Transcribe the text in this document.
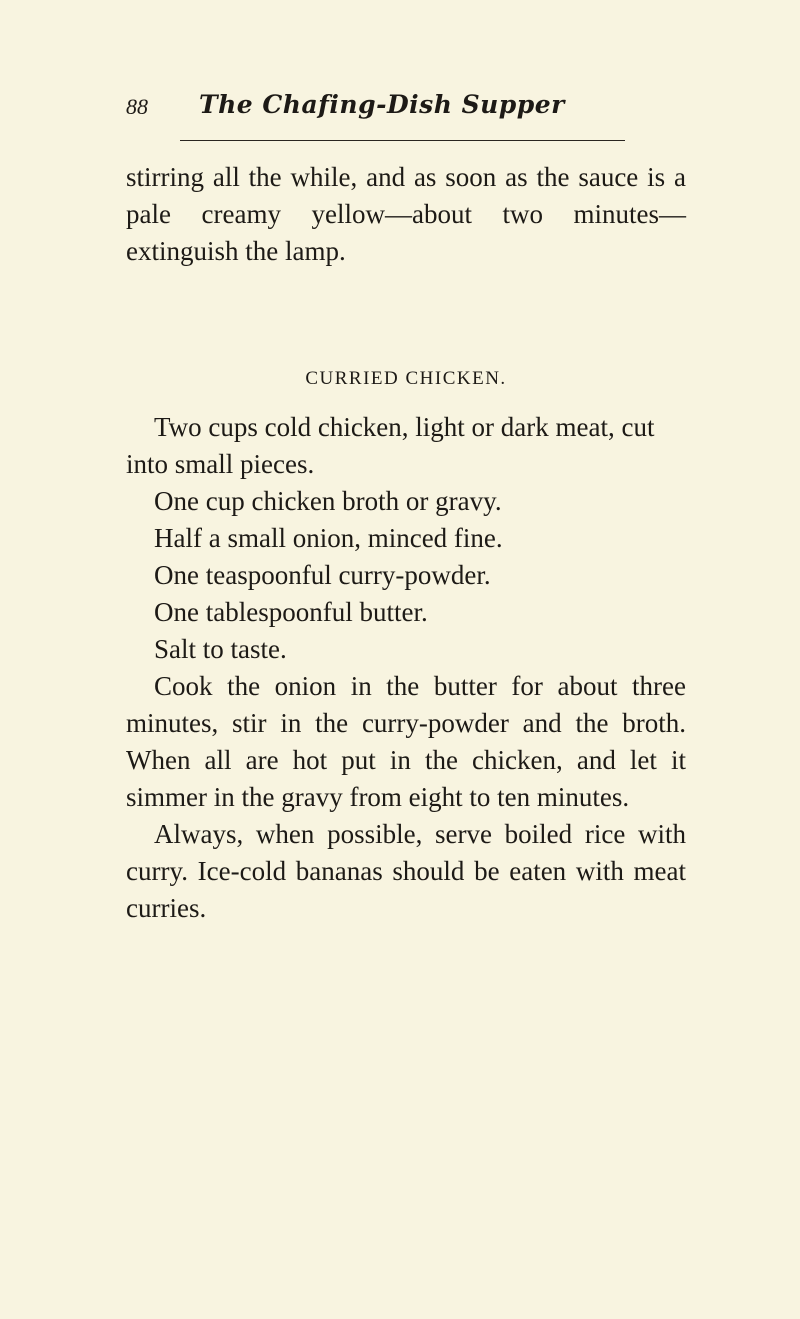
88 The Chafing-Dish Supper

stirring all the while, and as soon as the sauce is a pale creamy yellow—about two minutes—extinguish the lamp.

CURRIED CHICKEN.
Two cups cold chicken, light or dark meat, cut into small pieces.
One cup chicken broth or gravy.
Half a small onion, minced fine.
One teaspoonful curry-powder.
One tablespoonful butter.
Salt to taste.

Cook the onion in the butter for about three minutes, stir in the curry-powder and the broth. When all are hot put in the chicken, and let it simmer in the gravy from eight to ten minutes.

Always, when possible, serve boiled rice with curry. Ice-cold bananas should be eaten with meat curries.
